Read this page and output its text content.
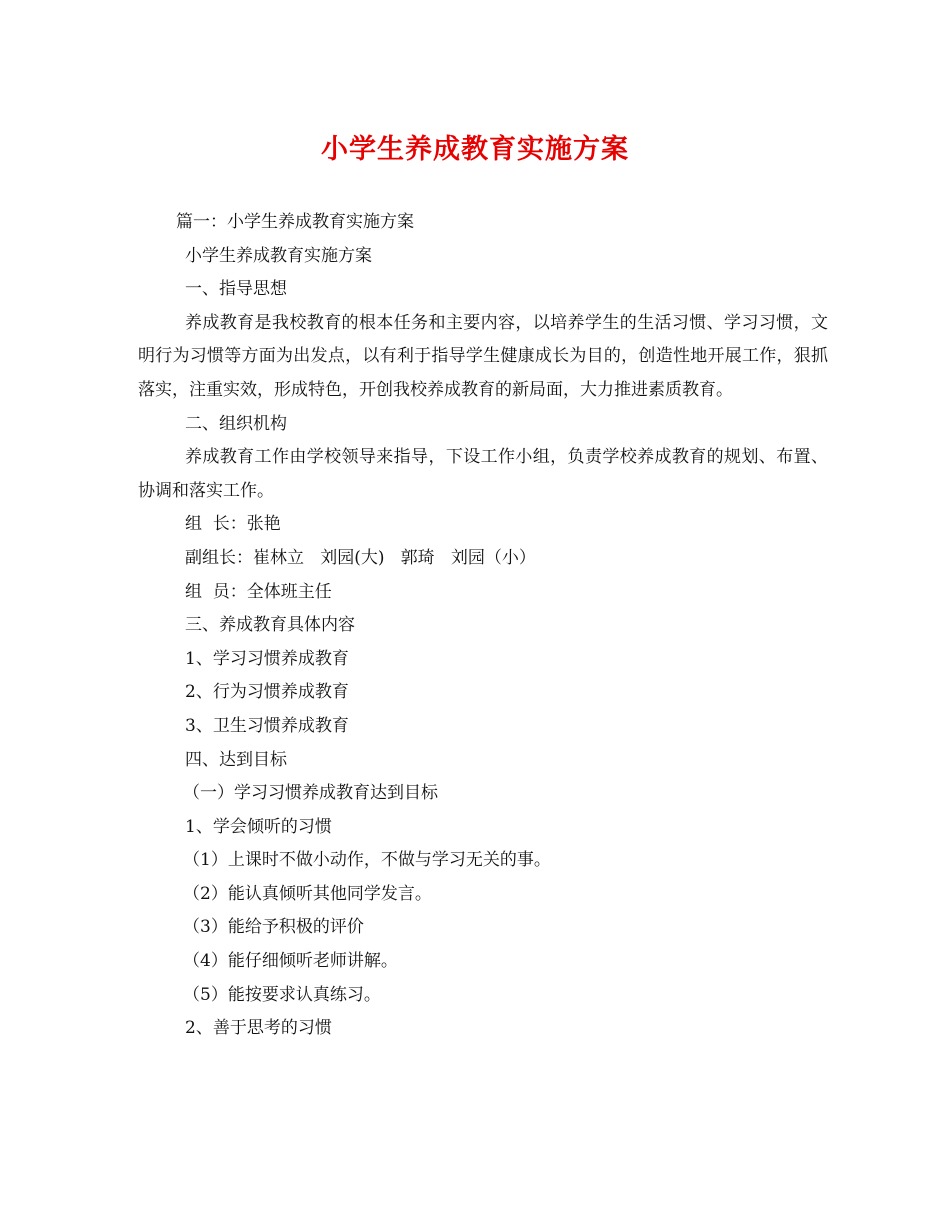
小学生养成教育实施方案
篇一：小学生养成教育实施方案
小学生养成教育实施方案
一、指导思想
养成教育是我校教育的根本任务和主要内容，以培养学生的生活习惯、学习习惯，文明行为习惯等方面为出发点，以有利于指导学生健康成长为目的，创造性地开展工作，狠抓落实，注重实效，形成特色，开创我校养成教育的新局面，大力推进素质教育。
二、组织机构
养成教育工作由学校领导来指导，下设工作小组，负责学校养成教育的规划、布置、协调和落实工作。
组  长：张艳
副组长：崔林立   刘园(大)   郭琦   刘园（小）
组  员：全体班主任
三、养成教育具体内容
1、学习习惯养成教育
2、行为习惯养成教育
3、卫生习惯养成教育
四、达到目标
（一）学习习惯养成教育达到目标
1、学会倾听的习惯
（1）上课时不做小动作，不做与学习无关的事。
（2）能认真倾听其他同学发言。
（3）能给予积极的评价
（4）能仔细倾听老师讲解。
（5）能按要求认真练习。
2、善于思考的习惯
